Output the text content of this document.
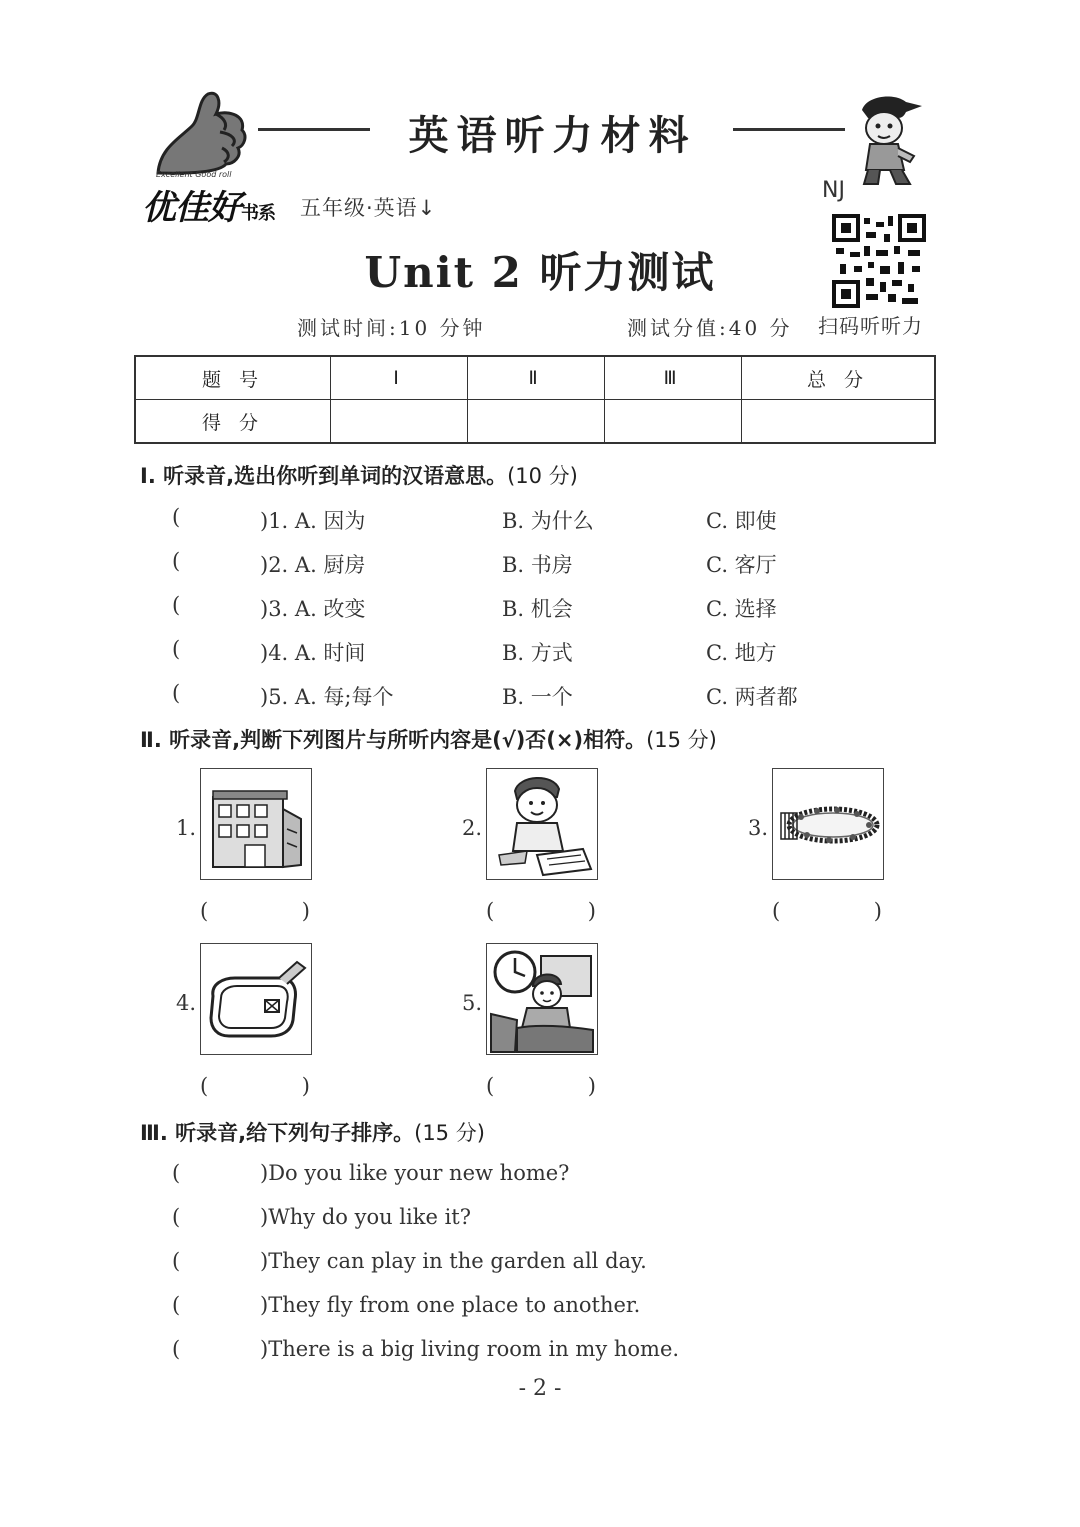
Excellent Good roll
优佳好书系 五年级·英语↓
英语听力材料
NJ
扫码听听力
Unit 2 听力测试
测试时间:10 分钟	测试分值:40 分
题 号	Ⅰ	Ⅱ	Ⅲ	总 分
得 分				
Ⅰ. 听录音,选出你听到单词的汉语意思。(10 分)
(	)1. A. 因为	B. 为什么	C. 即使
(	)2. A. 厨房	B. 书房	C. 客厅
(	)3. A. 改变	B. 机会	C. 选择
(	)4. A. 时间	B. 方式	C. 地方
(	)5. A. 每;每个	B. 一个	C. 两者都
Ⅱ. 听录音,判断下列图片与所听内容是(√)否(×)相符。(15 分)
1.
(	)
2.
(	)
3.
(	)
4.
(	)
5.
(	)
Ⅲ. 听录音,给下列句子排序。(15 分)
(	)Do you like your new home?
(	)Why do you like it?
(	)They can play in the garden all day.
(	)They fly from one place to another.
(	)There is a big living room in my home.
- 2 -
